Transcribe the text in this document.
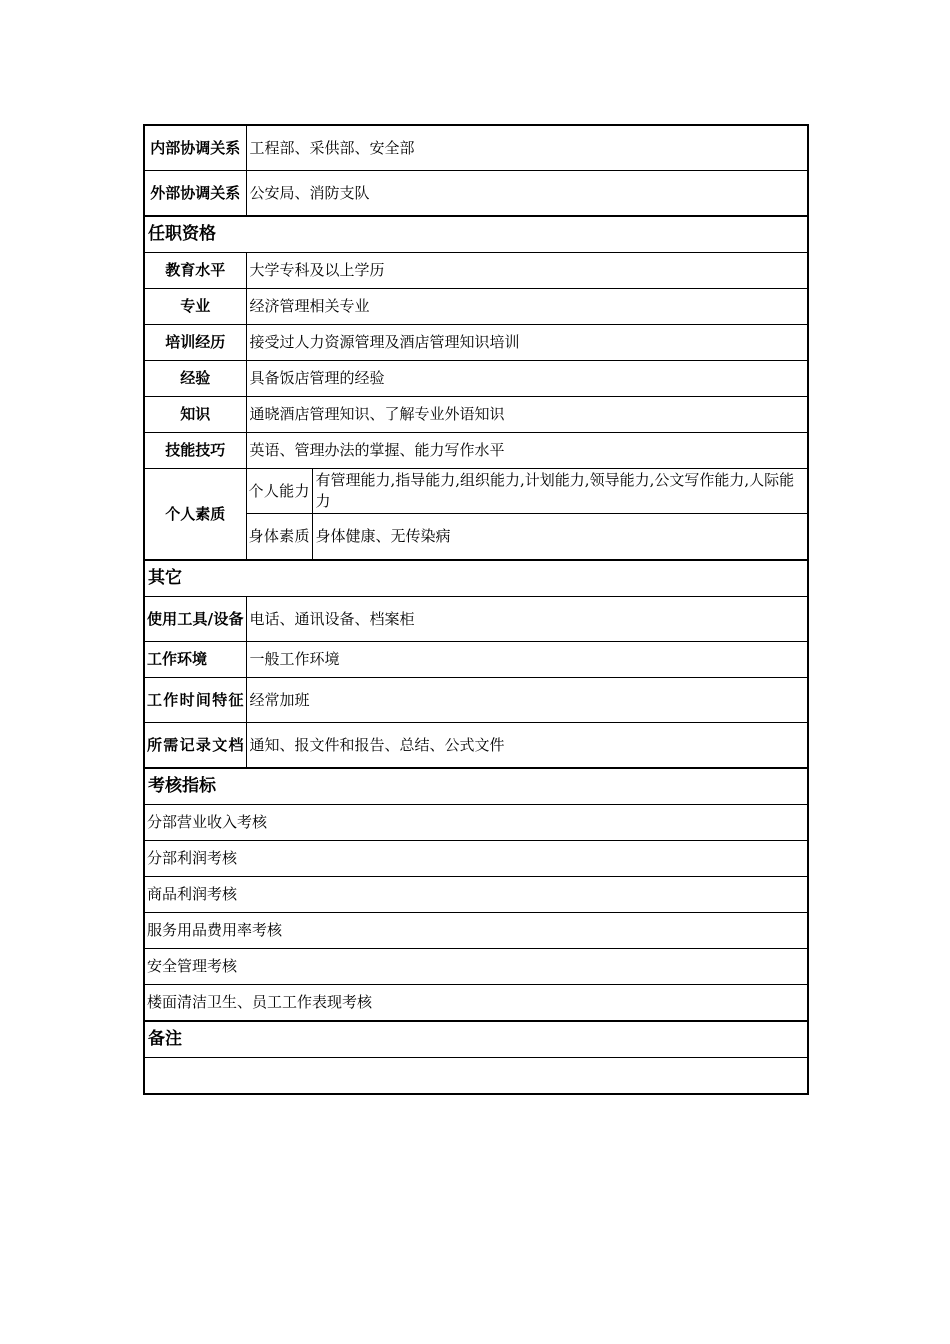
内部协调关系	工程部、采供部、安全部	
外部协调关系	公安局、消防支队	
任职资格		
教育水平	大学专科及以上学历	
专业	经济管理相关专业	
培训经历	接受过人力资源管理及酒店管理知识培训	
经验	具备饭店管理的经验	
知识	通晓酒店管理知识、了解专业外语知识	
技能技巧	英语、管理办法的掌握、能力写作水平	
个人素质	个人能力	有管理能力,指导能力,组织能力,计划能力,领导能力,公文写作能力,人际能力
	身体素质	身体健康、无传染病
其它		
使用工具/设备	电话、通讯设备、档案柜	
工作环境	一般工作环境	
工作时间特征	经常加班	
所需记录文档	通知、报文件和报告、总结、公式文件	
考核指标		
分部营业收入考核		
分部利润考核		
商品利润考核		
服务用品费用率考核		
安全管理考核		
楼面清洁卫生、员工工作表现考核		
备注		
